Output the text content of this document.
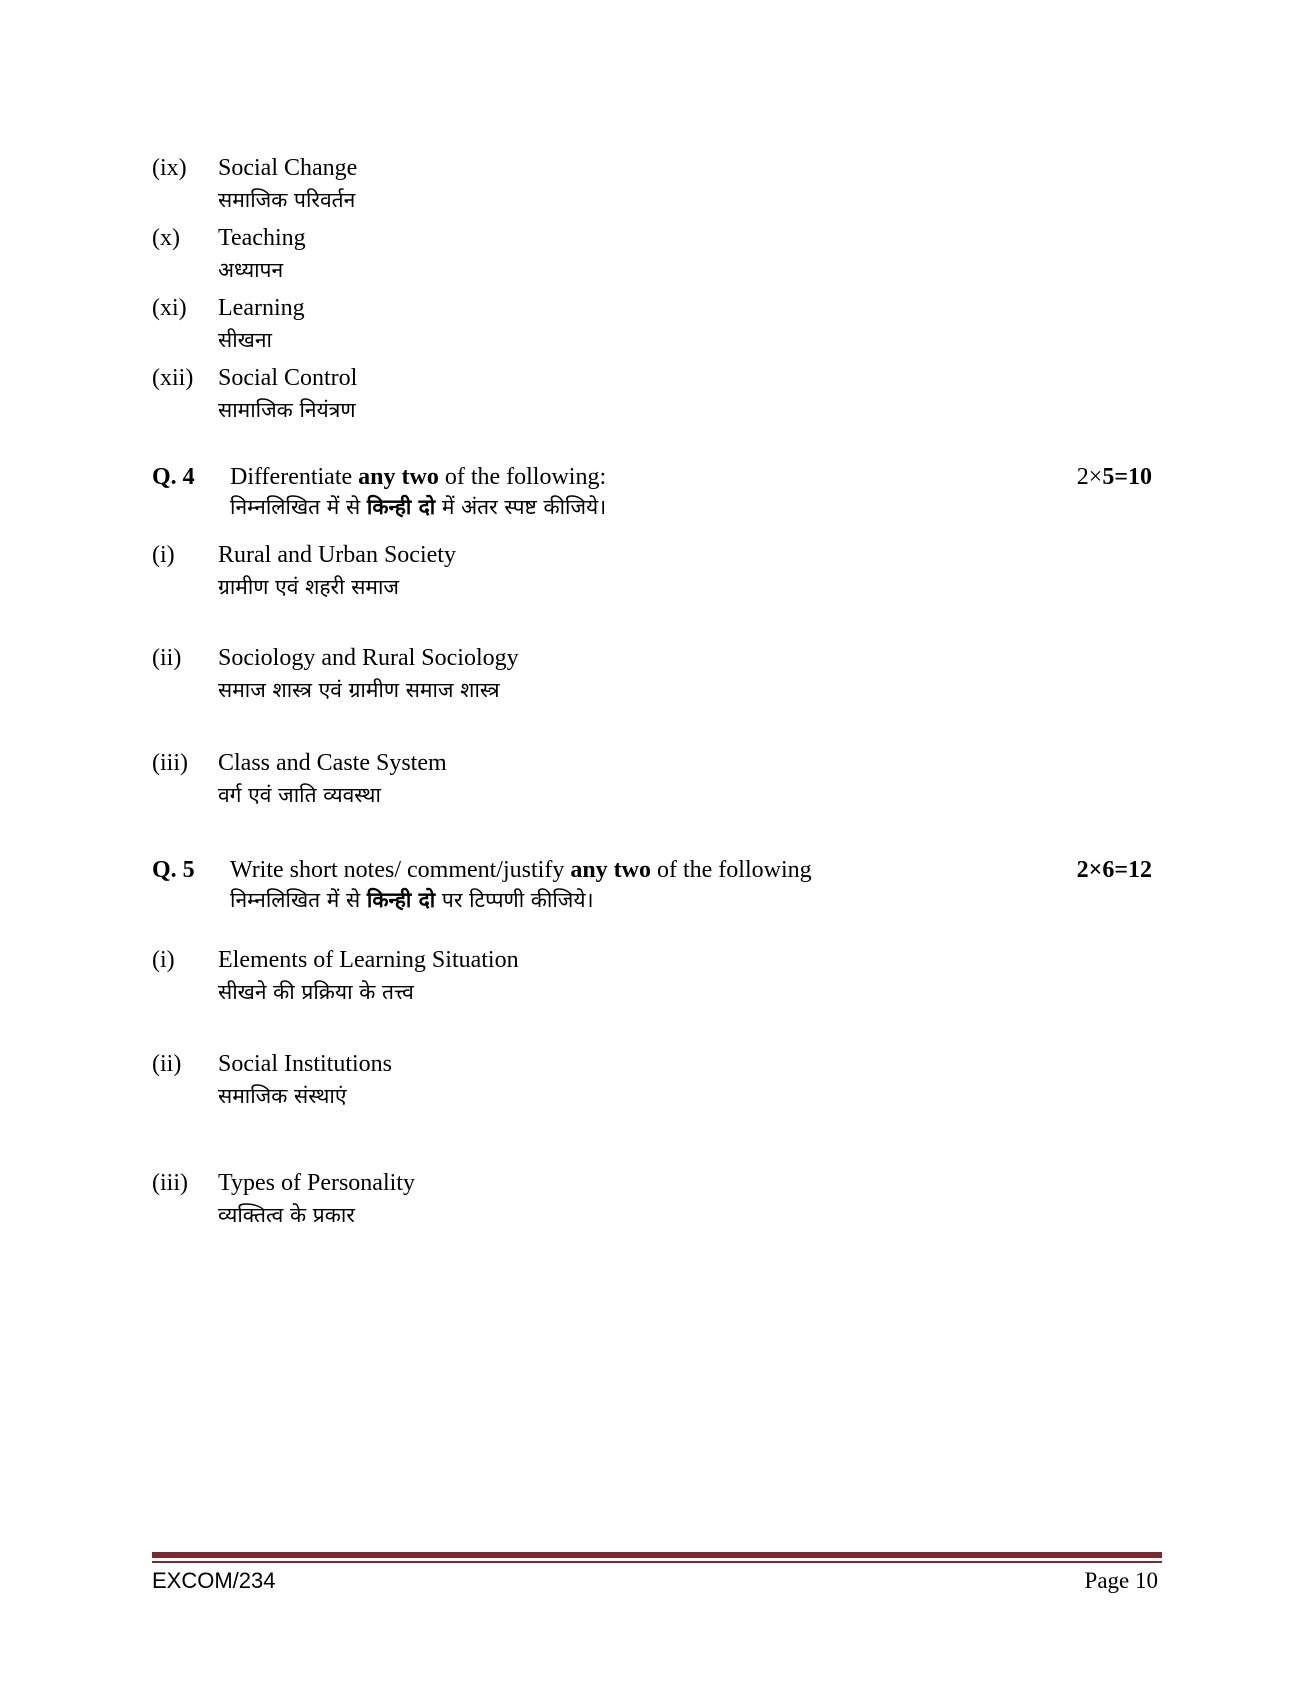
(ix) Social Change
समाजिक परिवर्तन
(x) Teaching
अध्यापन
(xi) Learning
सीखना
(xii) Social Control
सामाजिक नियंत्रण
Q. 4 Differentiate any two of the following:
निम्नलिखित में से किन्ही दो में अंतर स्पष्ट कीजिये।
2×5=10
(i) Rural and Urban Society
ग्रामीण एवं शहरी समाज
(ii) Sociology and Rural Sociology
समाज शास्त्र एवं ग्रामीण समाज शास्त्र
(iii) Class and Caste System
वर्ग एवं जाति व्यवस्था
Q. 5 Write short notes/ comment/justify any two of the following
निम्नलिखित में से किन्ही दो पर टिप्पणी कीजिये।
2×6=12
(i) Elements of Learning Situation
सीखने की प्रक्रिया के तत्त्व
(ii) Social Institutions
समाजिक संस्थाएं
(iii) Types of Personality
व्यक्तित्व के प्रकार
EXCOM/234	Page 10
